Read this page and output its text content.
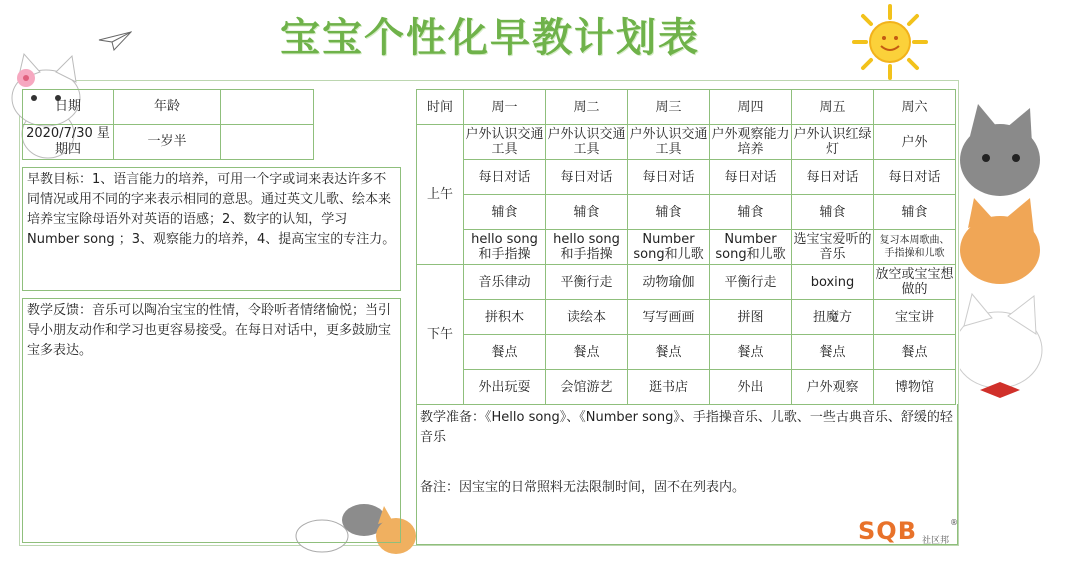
宝宝个性化早教计划表
日期	年龄	
2020/7/30 星期四	一岁半	
早教目标：1、语言能力的培养，可用一个字或词来表达许多不同情况或用不同的字来表示相同的意思。通过英文儿歌、绘本来培养宝宝除母语外对英语的语感；2、数字的认知，学习Number song ；3、观察能力的培养，4、提高宝宝的专注力。
教学反馈：音乐可以陶冶宝宝的性情，令聆听者情绪愉悦；当引导小朋友动作和学习也更容易接受。在每日对话中，更多鼓励宝宝多表达。
时间	周一	周二	周三	周四	周五	周六
上午	户外认识交通工具	户外认识交通工具	户外认识交通工具	户外观察能力培养	户外认识红绿灯	户外
	每日对话	每日对话	每日对话	每日对话	每日对话	每日对话
	辅食	辅食	辅食	辅食	辅食	辅食
	hello song和手指操	hello song和手指操	Number song和儿歌	Number song和儿歌	选宝宝爱听的音乐	复习本周歌曲、手指操和儿歌
下午	音乐律动	平衡行走	动物瑜伽	平衡行走	boxing	放空或宝宝想做的
	拼积木	读绘本	写写画画	拼图	扭魔方	宝宝讲
	餐点	餐点	餐点	餐点	餐点	餐点
	外出玩耍	会馆游艺	逛书店	外出	户外观察	博物馆

教学准备：《Hello song》、《Number song》、手指操音乐、儿歌、一些古典音乐、舒缓的轻音乐

备注：因宝宝的日常照料无法限制时间，固不在列表内。

SQB 社区邦
®
